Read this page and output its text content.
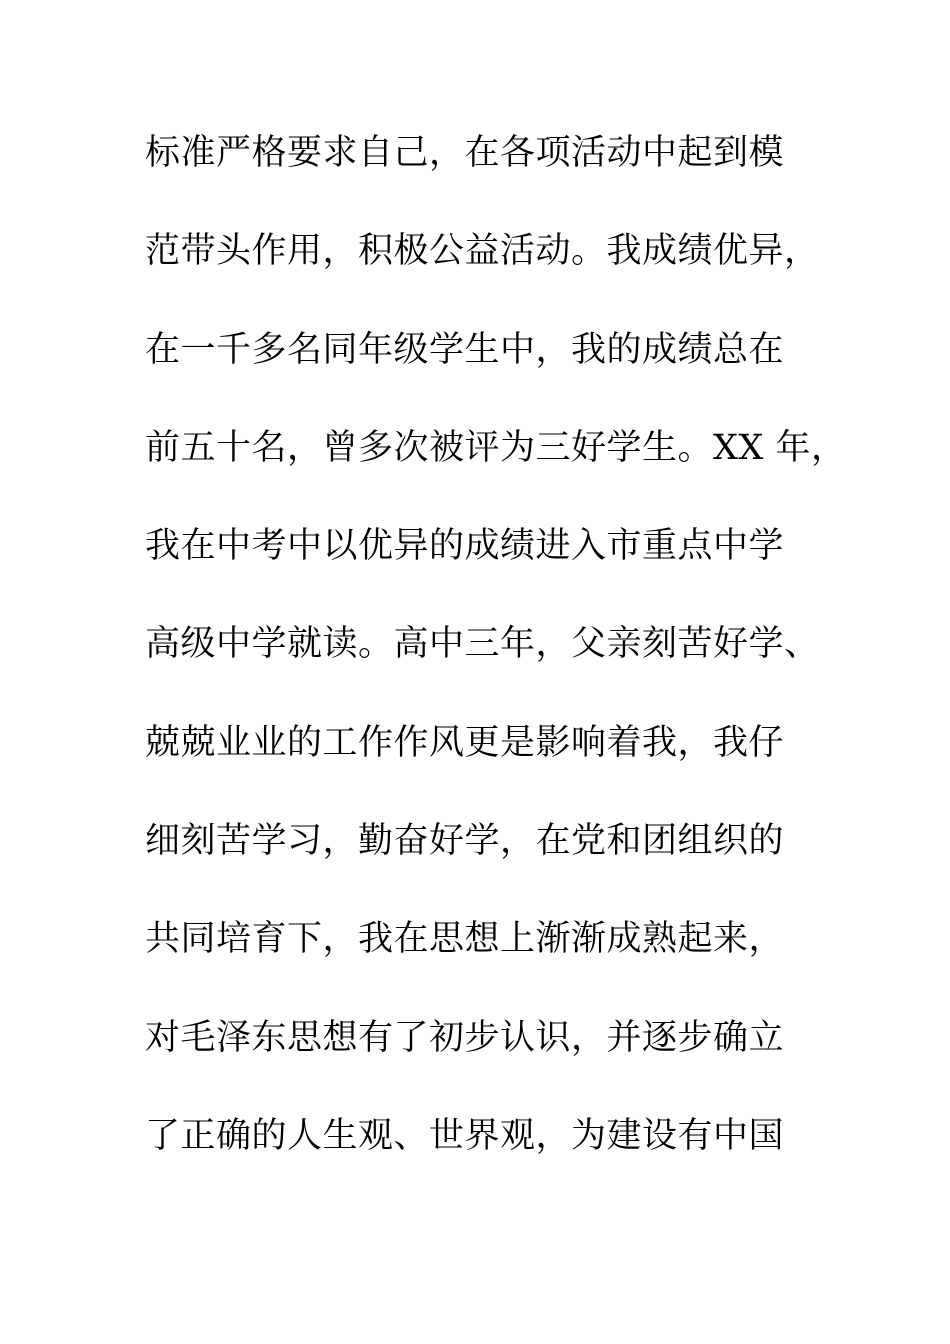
标准严格要求自己，在各项活动中起到模
范带头作用，积极公益活动。我成绩优异，
在一千多名同年级学生中，我的成绩总在
前五十名，曾多次被评为三好学生。XX 年，
我在中考中以优异的成绩进入市重点中学
高级中学就读。高中三年，父亲刻苦好学、
兢兢业业的工作作风更是影响着我，我仔
细刻苦学习，勤奋好学，在党和团组织的
共同培育下，我在思想上渐渐成熟起来，
对毛泽东思想有了初步认识，并逐步确立
了正确的人生观、世界观，为建设有中国
